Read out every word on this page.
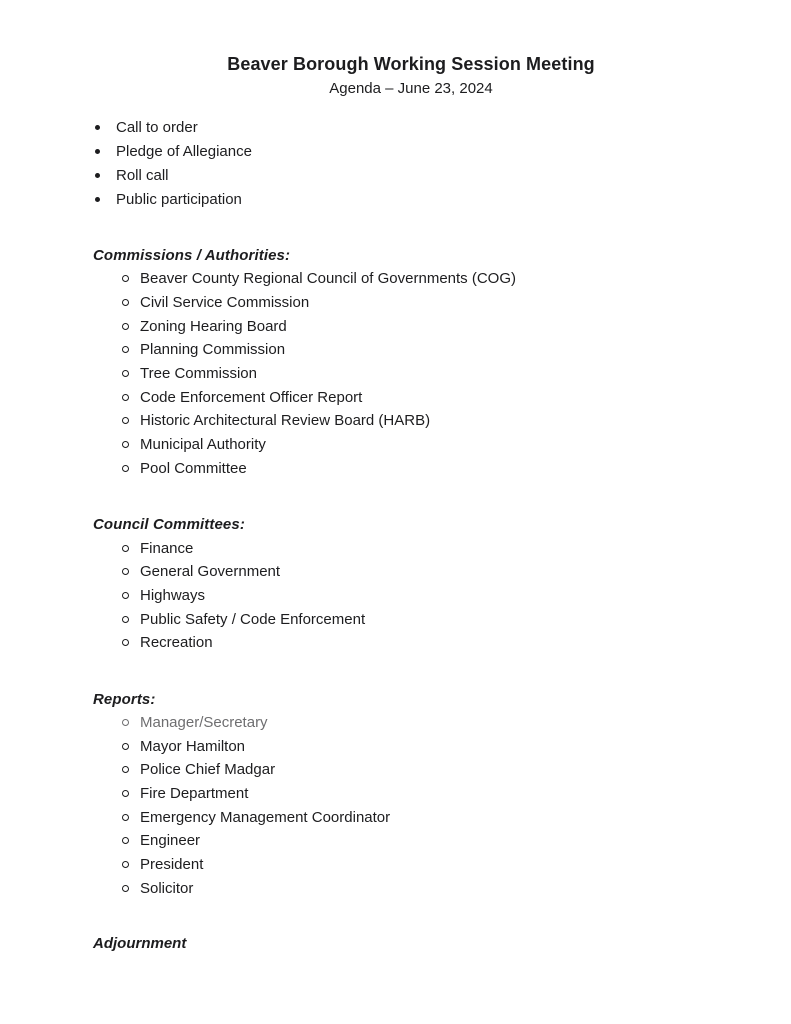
Beaver Borough Working Session Meeting
Agenda – June 23, 2024
Call to order
Pledge of Allegiance
Roll call
Public participation
Commissions / Authorities:
Beaver County Regional Council of Governments (COG)
Civil Service Commission
Zoning Hearing Board
Planning Commission
Tree Commission
Code Enforcement Officer Report
Historic Architectural Review Board (HARB)
Municipal Authority
Pool Committee
Council Committees:
Finance
General Government
Highways
Public Safety / Code Enforcement
Recreation
Reports:
Manager/Secretary
Mayor Hamilton
Police Chief Madgar
Fire Department
Emergency Management Coordinator
Engineer
President
Solicitor
Adjournment
